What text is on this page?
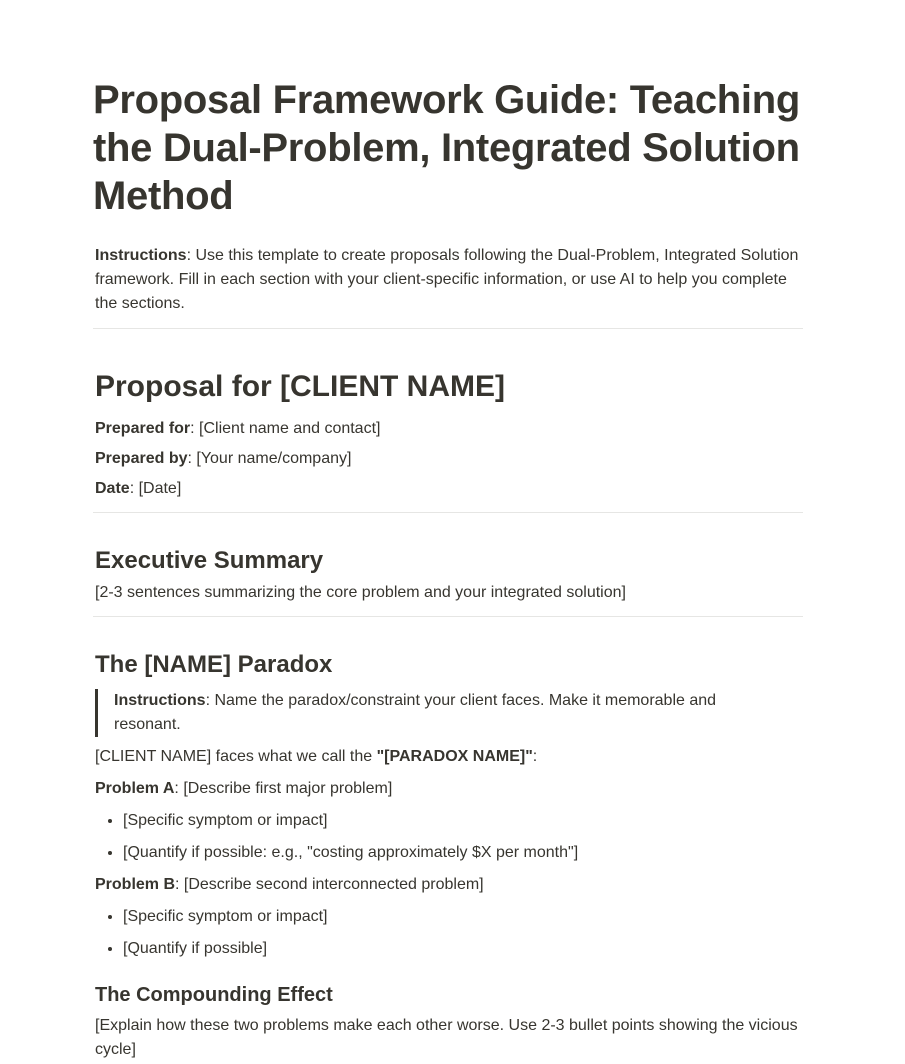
Proposal Framework Guide: Teaching the Dual-Problem, Integrated Solution Method

Instructions: Use this template to create proposals following the Dual-Problem, Integrated Solution framework. Fill in each section with your client-specific information, or use AI to help you complete the sections.

Proposal for [CLIENT NAME]

Prepared for: [Client name and contact]

Prepared by: [Your name/company]

Date: [Date]

Executive Summary

[2-3 sentences summarizing the core problem and your integrated solution]

The [NAME] Paradox
Instructions: Name the paradox/constraint your client faces. Make it memorable and resonant.

[CLIENT NAME] faces what we call the "[PARADOX NAME]":

Problem A: [Describe first major problem]

• [Specific symptom or impact]
• [Quantify if possible: e.g., "costing approximately $X per month"]

Problem B: [Describe second interconnected problem]

• [Specific symptom or impact]
• [Quantify if possible]
The Compounding Effect

[Explain how these two problems make each other worse. Use 2-3 bullet points showing the vicious cycle]
